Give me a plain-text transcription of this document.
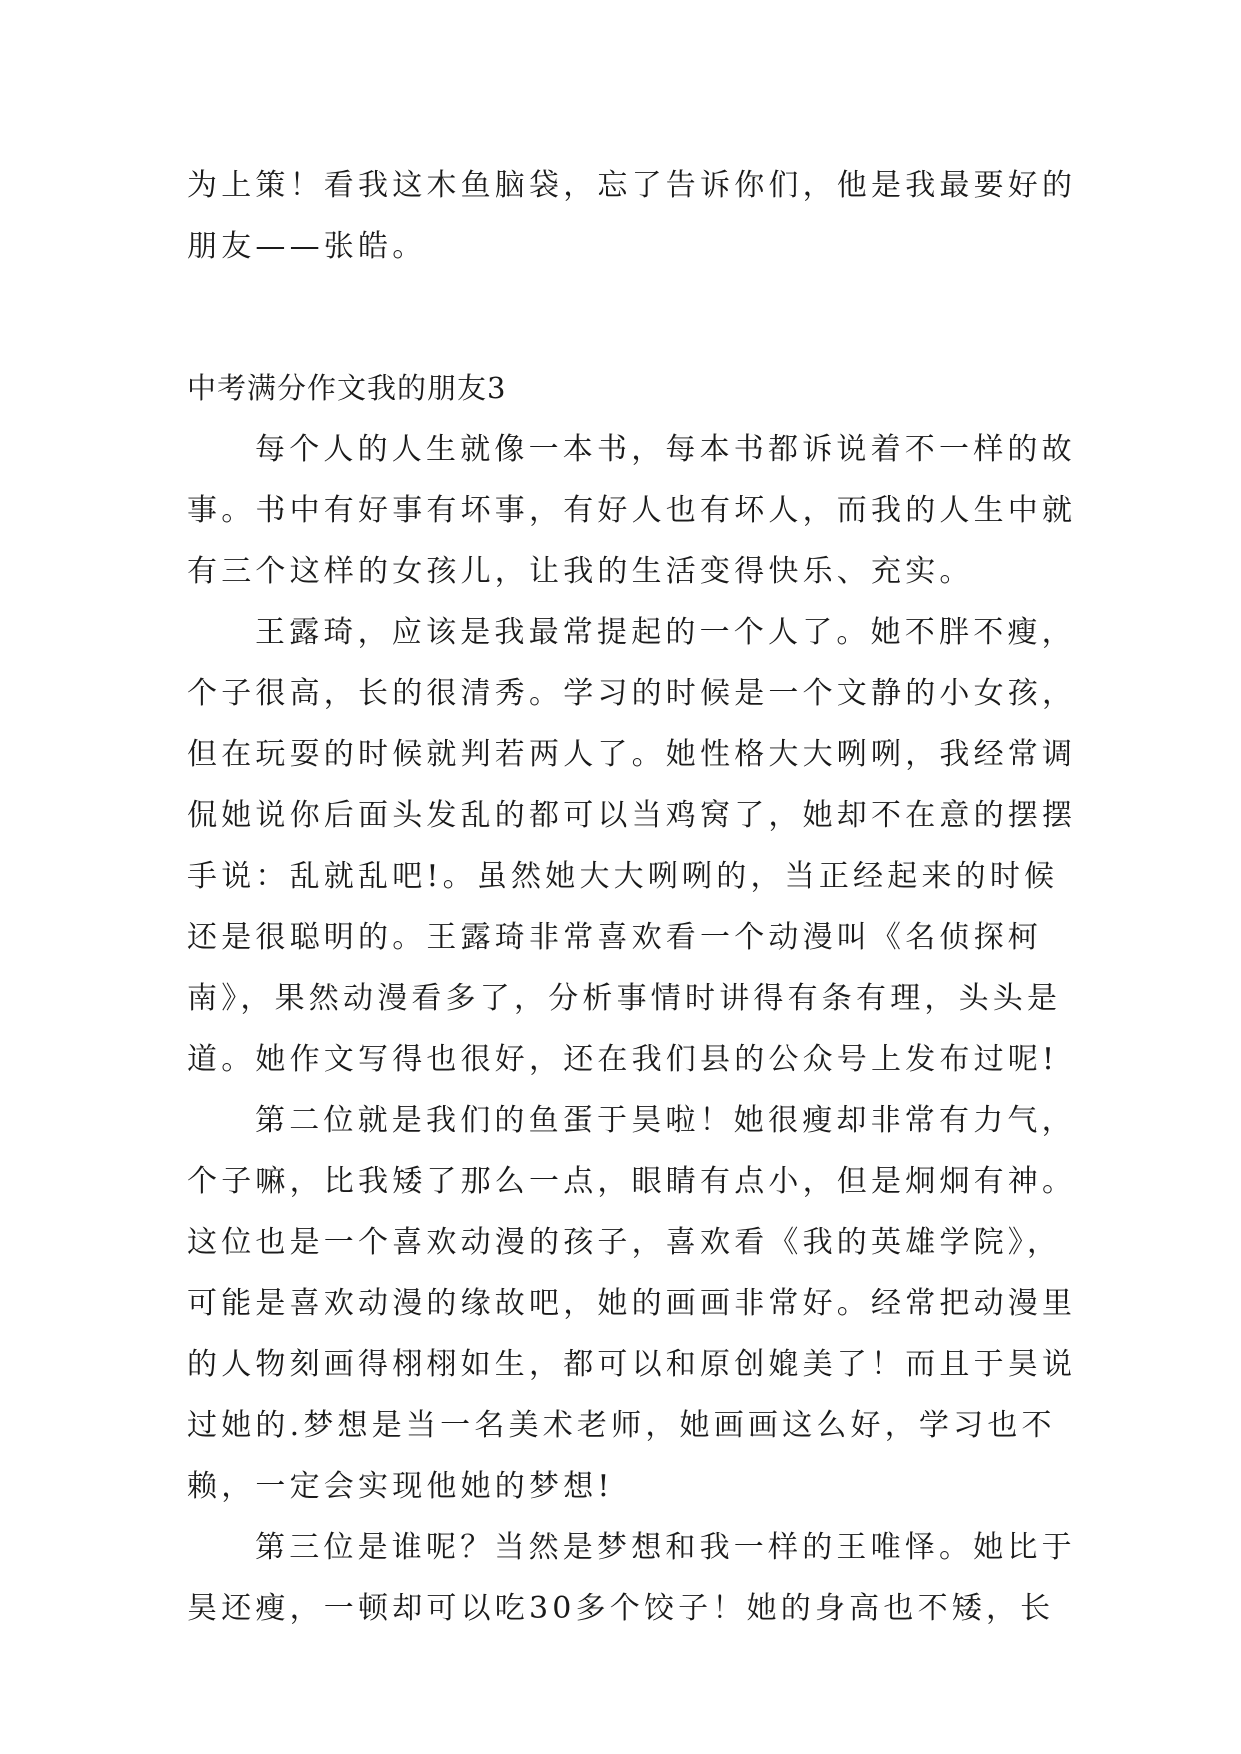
为上策！看我这木鱼脑袋，忘了告诉你们，他是我最要好的
朋友——张皓。
中考满分作文我的朋友3
每个人的人生就像一本书，每本书都诉说着不一样的故
事。书中有好事有坏事，有好人也有坏人，而我的人生中就
有三个这样的女孩儿，让我的生活变得快乐、充实。
王露琦，应该是我最常提起的一个人了。她不胖不瘦，
个子很高，长的很清秀。学习的时候是一个文静的小女孩，
但在玩耍的时候就判若两人了。她性格大大咧咧，我经常调
侃她说你后面头发乱的都可以当鸡窝了，她却不在意的摆摆
手说：乱就乱吧!。虽然她大大咧咧的，当正经起来的时候
还是很聪明的。王露琦非常喜欢看一个动漫叫《名侦探柯
南》，果然动漫看多了，分析事情时讲得有条有理，头头是
道。她作文写得也很好，还在我们县的公众号上发布过呢!
第二位就是我们的鱼蛋于昊啦！她很瘦却非常有力气，
个子嘛，比我矮了那么一点，眼睛有点小，但是炯炯有神。
这位也是一个喜欢动漫的孩子，喜欢看《我的英雄学院》，
可能是喜欢动漫的缘故吧，她的画画非常好。经常把动漫里
的人物刻画得栩栩如生，都可以和原创媲美了！而且于昊说
过她的.梦想是当一名美术老师，她画画这么好，学习也不
赖，一定会实现他她的梦想!
第三位是谁呢？当然是梦想和我一样的王唯怿。她比于
昊还瘦，一顿却可以吃30多个饺子！她的身高也不矮，长
